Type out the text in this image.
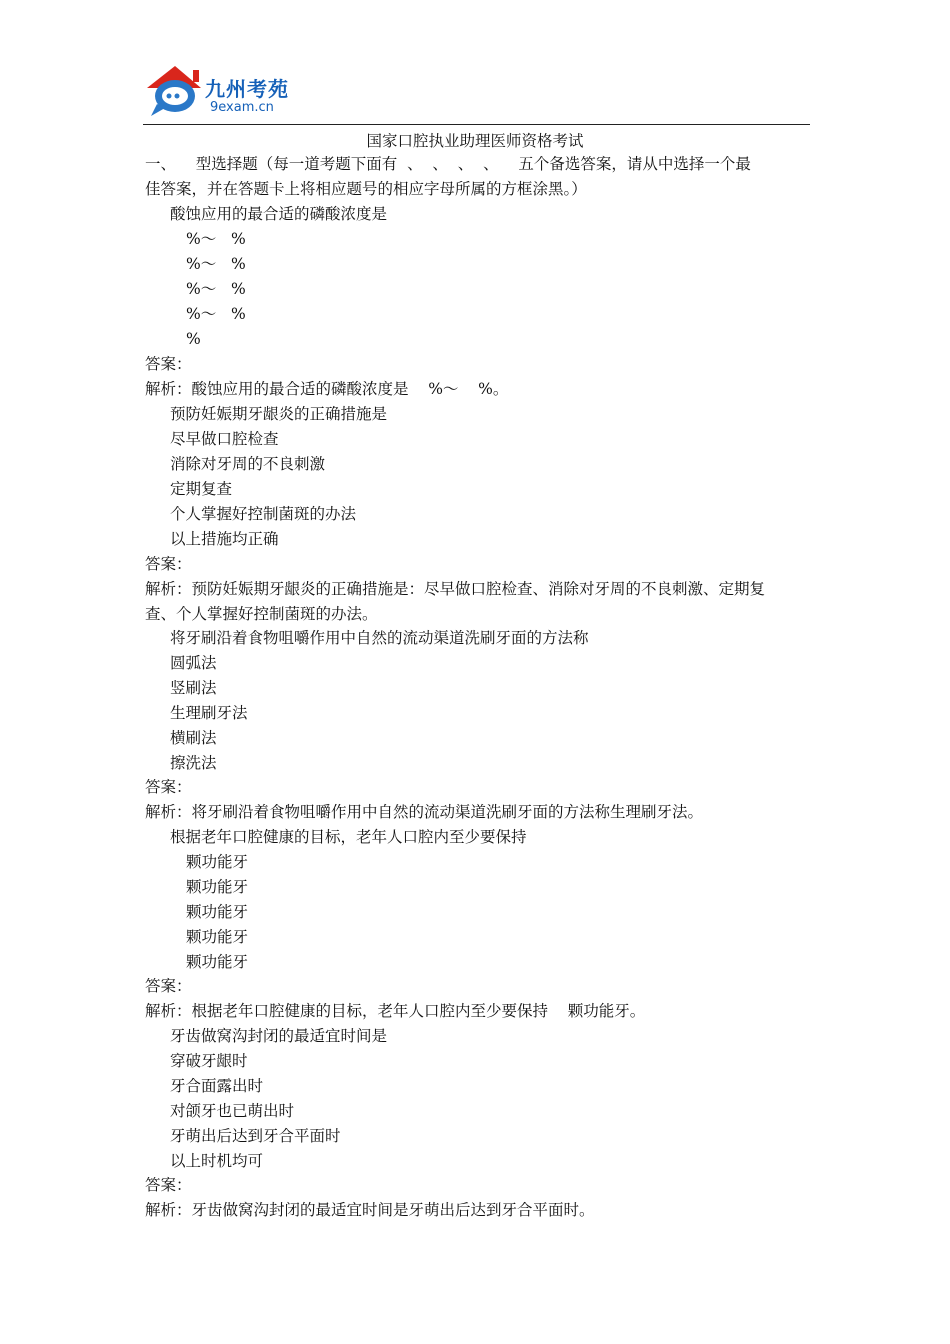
九州考苑
9exam.cn
国家口腔执业助理医师资格考试
一、    型选择题（每一道考题下面有  、  、  、  、    五个备选答案，请从中选择一个最
佳答案，并在答题卡上将相应题号的相应字母所属的方框涂黑。）
酸蚀应用的最合适的磷酸浓度是
%～   %
%～   %
%～   %
%～   %
%
答案：
解析：酸蚀应用的最合适的磷酸浓度是    %～    %。
预防妊娠期牙龈炎的正确措施是
尽早做口腔检查
消除对牙周的不良刺激
定期复查
个人掌握好控制菌斑的办法
以上措施均正确
答案：
解析：预防妊娠期牙龈炎的正确措施是：尽早做口腔检查、消除对牙周的不良刺激、定期复
查、个人掌握好控制菌斑的办法。
将牙刷沿着食物咀嚼作用中自然的流动渠道洗刷牙面的方法称
圆弧法
竖刷法
生理刷牙法
横刷法
擦洗法
答案：
解析：将牙刷沿着食物咀嚼作用中自然的流动渠道洗刷牙面的方法称生理刷牙法。
根据老年口腔健康的目标，老年人口腔内至少要保持
颗功能牙
颗功能牙
颗功能牙
颗功能牙
颗功能牙
答案：
解析：根据老年口腔健康的目标，老年人口腔内至少要保持    颗功能牙。
牙齿做窝沟封闭的最适宜时间是
穿破牙龈时
牙合面露出时
对颌牙也已萌出时
牙萌出后达到牙合平面时
以上时机均可
答案：
解析：牙齿做窝沟封闭的最适宜时间是牙萌出后达到牙合平面时。
